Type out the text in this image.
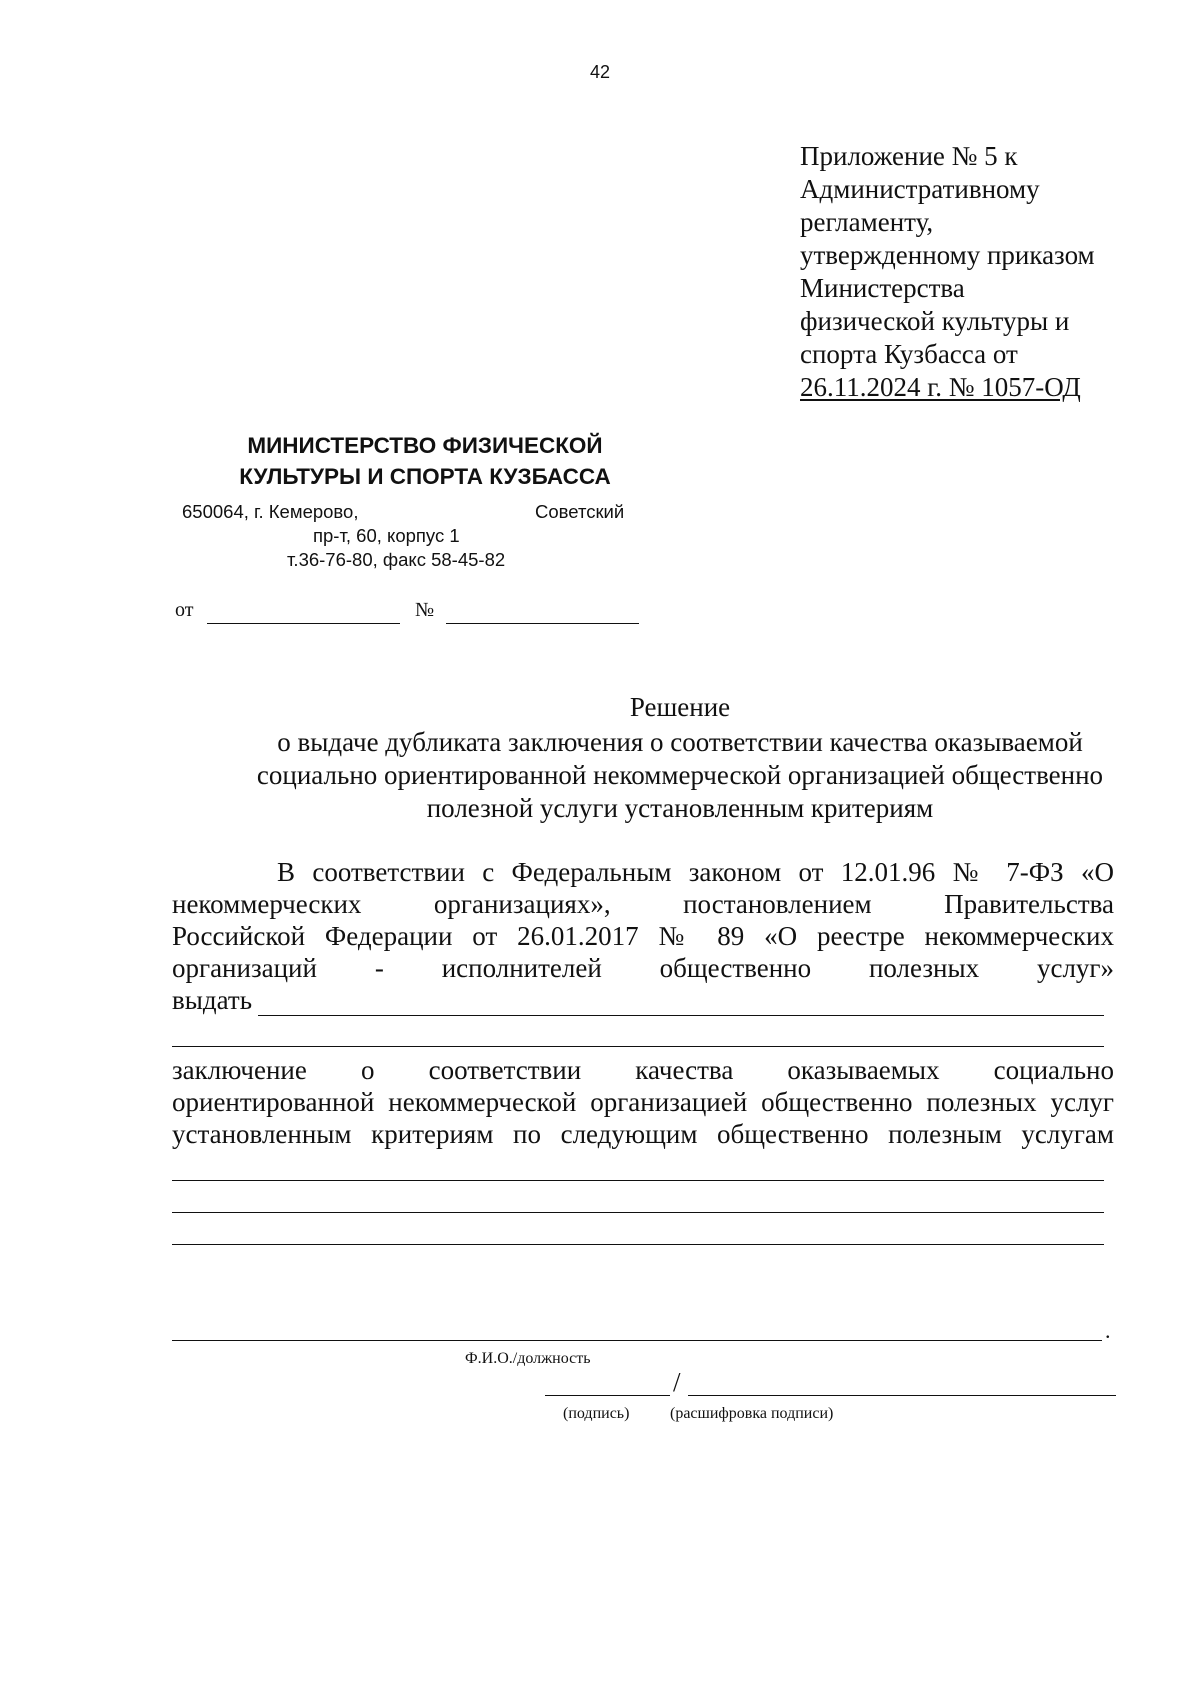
42
Приложение № 5 к
Административному
регламенту,
утвержденному приказом
Министерства
физической культуры и
спорта Кузбасса от
26.11.2024 г. № 1057-ОД
МИНИСТЕРСТВО ФИЗИЧЕСКОЙ
КУЛЬТУРЫ И СПОРТА КУЗБАССА
650064, г. Кемерово,	Советский
пр-т, 60, корпус 1
т.36-76-80, факс 58-45-82
от	№
Решение
о выдаче дубликата заключения о соответствии качества оказываемой
социально ориентированной некоммерческой организацией общественно
полезной услуги установленным критериям
В соответствии с Федеральным законом от 12.01.96 № 7-ФЗ «О
некоммерческих организациях», постановлением Правительства
Российской Федерации от 26.01.2017 № 89 «О реестре некоммерческих
организаций - исполнителей общественно полезных услуг»
выдать
заключение о соответствии качества оказываемых социально
ориентированной некоммерческой организацией общественно полезных услуг
установленным критериям по следующим общественно полезным услугам
.
Ф.И.О./должность
/
(подпись)	(расшифровка подписи)
